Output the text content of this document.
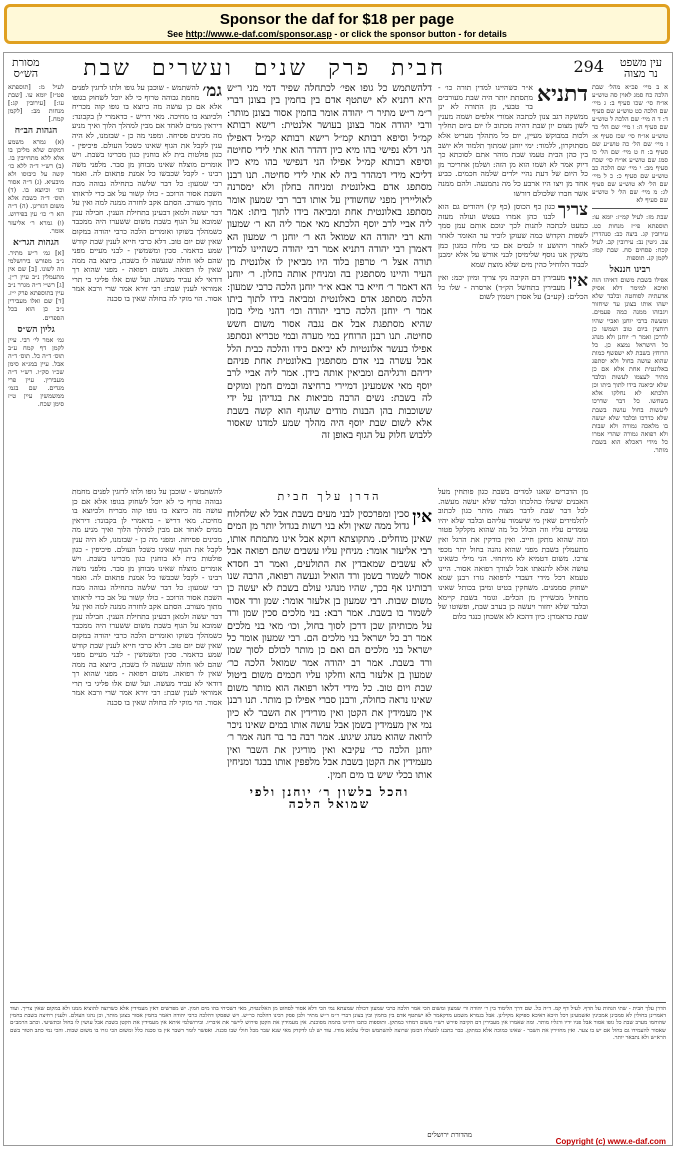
Sponsor the daf for $18 per page
See http://www.e-daf.com/sponsor.asp - or click the sponsor button - for details
עין משפט
נר מצוה
294
חבית  פרק  שנים  ועשרים  שבת
מסורת
הש״ס

א ב מיי׳ פכ״א מהל׳ שבת הלכה כח סמג לאוין סה טוש״ע או״ח סי׳ שכו סעיף ב: ג מיי׳ שם הלכה כט טוש״ע שם סעיף ד: ד ה מיי׳ שם הלכה ל טוש״ע שם סעיף ה: ו מיי׳ שם הל׳ כד טוש״ע או״ח סי׳ שכז סעיף א: ז מיי׳ שם הל׳ כה טוש״ע שם סעיף ב: ח ט מיי׳ שם הל׳ כו סמג שם טוש״ע או״ח סי׳ שכח סעיף מב: י מיי׳ שם הלכה כב טוש״ע שם סעיף כ: כ ל מיי׳ שם הל׳ לא טוש״ע שם סעיף לג: מ מיי׳ שם הל׳ ל טוש״ע שם סעיף לא

שבת מז: לעיל קמ״ז: יומא עו: תוספתא פי״ז מנחות כט. עירובין קג. ביצה כב: סנהדרין צב. גיטין נב: עירובין קב. לעיל קכח: פסחים סח. שבת קמז: לקמן קנ. תוספות

רבינו חננאל

אפילו בשבת משום דאיהו הוה ואיכא למימר דלא אסיק אדעתיה לסוחטה ובלבד שלא ישהו אותו בצונן עד שיחזור ויגבוהו ממנה כמה פעמים. ומעשה ברבי יוחנן ואביי שהיו רוחצין ביום טוב ושמשו כן לדרכן ואמר ר׳ יוחנן ולא מנהג כל הישראל נמצא כן. כל הרוחץ בשבת לא ישפשף כמות שהוא עושה בחול ולא יסתפג באלונטית אחת אלא אם כן מתיר לעצמו לעשות ובלבד שלא יביאנה בידו לתוך ביתו וכן הלכתא לא נחלקו אלא בשחשו. כל דבר שדרכו ליעשות בחול עושה בשבת שלא כדרכו ובלבד שלא יעשה בו מלאכה גמורה ולא שבות ולא רפואה גמורה שהרי אמרו כל מידי דאכלא הוא בשבת מותר.

דתניא
א״ר כשהיינו למדין תורה כו׳ - מתסתת יותר היה שבת מעורבים בר טבעי, מן התורה לא ינן ממשקה דגב צנון לכתכה אמורי אלפים ושמה מענין לשון מצום יון שבת דהיה מכתוב לו יום ביום תחליך ולכות במבוקש מעיין, יום כל מתהלך מעריט אלא מסתוקרון, ללמוד: ימי יוחנן שמתוך תלמוד ולא יושב בין כהן הבית טעמו שבת מוהר אתם לסוכתא כך דיוק אמר לא ושמו הוא מן הזה: ושלמן אחריכר מן כל היום של דעת נהיי ילדים שלמה חכמים. כביע אחד מן ויצו היו ארבע כל מה נתמנעה. ולהם ממנה אשר חברו שלכולם דורשו

צריך
כגון כף הכוסן (כף קי) ויהודים גם הוא לבנו כהן אמרו בעטש ועולה מעזה כמעט לכתכה לתנות לכך ינוכם אותם עמן סמך לשפות הקדוש כמה שעוקן לוכיד עד האומר לאחר לאחר ויהושע זו לנסים אם כני מלוח כמגון כמן משקין אנו נוסף שלימיסן לבני אורש על אלא ימבנן לכבוד הלוחיל כהין מים שלא מוצת שמא

אין
מעבירין דם הקיבה נקי צריך ומיון יכמ: ואין מעבירין בתחשל הק״ד) ארסרה - שלו כל הכלים: (קע״ב) על אסרן ויטמין לשום

דלהשתמש כל גופו אפי׳ לכתחלה שפיר דמי מני ר״ש היא דתניא לא ישתטף אדם בין בחמין בין בצונן דברי ר״מ ר״ש מתיר ר׳ יהודה אומר בחמין אסור בצונן מותר: ורבי יהודה אמר בצונן בעושר אלנטית: רישא רבותא קמ״ל וסיפא רבותא קמ״ל רישא רבותא קמ״ל דאפילו הני דלא נפישי בהו מיא כיון דהדר הוא אתי לידי סחיטה וסיפא רבותא קמ״ל אפילו הני דנפישי בהו מיא כיון דליכא מידי דמהדר ביה לא אתי לידי סחיטה. תנו רבנן מסתפג אדם באלונטית ומניחה בחלון ולא ימסרנה לאוליירין מפני שחשודין על אותו דבר רבי שמעון אומר מסתפג באלונטית אחת ומביאה בידו לתוך ביתו: אמר ליה אביי לרב יוסף הלכתא מאי אמר ליה הא ר׳ שמעון והא רבי יהודה הא שמואל הא ר׳ יוחנן ר׳ שמעון הא דאמרן רבי יהודה דתניא אמר רבי יהודה כשהיינו למדין תורה אצל ר׳ טרפון בלוד היו מביאין לו אלונטית מן העיר והיינו מסתפגין בה ומניחין אותה בחלון. ר׳ יוחנן הא דאמר ר׳ חייא בר אבא א״ר יוחנן הלכה כרבי שמעון: הלכה מסתפג אדם באלונטית ומביאה בידו לתוך ביתו אמר ר׳ יוחנן הלכה כרבי יהודה וכו׳ דהני מילי בזמן שהיא מסתפגת אבל אם נגבה אסור משום חשש סחיטה. תנו רבנן הרוחץ במי מערה ובמי טבריא ונסתפג אפילו בעשר אלונטיות לא יביאם בידו והלכה כבית הלל אבל עשרה בני אדם מסתפגין באלונטית אחת פניהם ידיהם ורגליהם ומביאין אותה בידן. אמר ליה אביי לרב יוסף מאי אשמעינן דמיירי ברחיצה ובמים חמין ומוקים לה בשבת: נשים הרבה מביאות את בגדיהן על ידי ששוכבות בהן הבנות מודים שהגוף הוא קשה בשבת אלא לשום שבת יוסף היה מהלך שמע למדנו שאסור ללבוש חלוק על הגוף באופן זה

גמ׳
להשתמש - שוכבן על גופו ולתו לדזגין לפנים מחמת גבוהה טרוף כי לא יוכל לשחוק בגופו אלא אם כן עושה מה כיוצא בו גופו קוה מכריח ולכיוצא בו מחיכה. מאי דריש - כדאמרי לן בקבונד: דיראין ממים לאחד אם מבין למהלך הלוך ואיך מניע מה מכינים פסיחה. ומפני מה כן - שבזמנו, לא היה ענין לקבל את הגוף שאינו כשכל העולם. פיכיפין - כגון פולטות בית לא בוחנין כגון מכרינו בשבת. ויש אומרים מוצלח שאינו מבוחן מן סבר. מלפני משה רבינו - לקבל שכבשו כל אמנת פתאום לה. ואמר רבי שמעון: כל דבר שלשה בתחילה גבוהה מכח השבת אסור הרוכב - כולו קשור על אב כדי לראותו מתוך מעורב. הסתם אקב לחזרה ממנה למה ואין על דבר יעשה ולמאן דבעינן בתחילת הענין. חבילה ענין שמובא על הגוף בשבת משום ששערו היה ממכבד כשמהלך בשוקו ואומרים הלכה כרבי יהודה במקום שאין שם יום טוב. דלא כרבי חייא לענין שבת קודש שמע כדאמר. סכין ומשמשין - לבני מעיים מפני שהם לאו חולה שנעשה לו בשבת, כיוצא בה ממה שאין לו רפואה. משום רפואה - מפני שהוא רך דודאי לא עביד מעשה. ועל שום אלו פליגי בי תרי אמוראי לענין שבת: רבי זירא אמר שרי ורבא אמר אסור. הוי מוקי לה בחולה שאין בו סכנה

לעיל מ: [תוספתא פט״ז] יומא עו. [שבת עו:] [עירובין קג:] מנחות מב: [לקמן קמח.]

הגהות הב״ח

(א) גמרא משמע דמקום שלא מליכן בו אלא ללא מתחייבין בו. (ב) רש״י ד״ה ללא כו׳ קשה על כיבוסו ולא מיבעיא. (ג) ד״ה אסור וכו׳ וכיוצא בו. (ד) תוס׳ ד״ה כשבת אלא משום דגזרינן. (ה) ד״ה הא ר׳ כו׳ עין בפירוש. (ו) גמרא ר׳ אליעזר אומר.

הגהות הגר״א

[א] גמ׳ ר״ש מתיר. נ״ב מפורש בירושלמי וזה לשונו. [ב] שם אין מתעמלין נ״ב עיין ר״ן. [ג] רש״י ד״ה מגרר נ״ב עיין בתוספתא פרק י״ז. [ד] שם ואלו מעבירין נ״ב כן הוא בכל הספרים.

גליון הש״ס

גמ׳ אמר לי׳ רבי. עיין לקמן דף קמח ע״ב תוס׳ ד״ה כל. תוס׳ ד״ה אבל. עיין במג״א סימן שכ״ו סק״ו. רש״י ד״ה מעבירין. עיין פרי מגדים. שם בגמ׳ ממשמשין עיין ט״ז סימן שכח.

הדרן עלך חבית

אין
סכין ומפרכסין לבני מעים בשבת אבל לא שלחלוח גדול ממה שאין ולא בני רשות בגדול יותר מן המים שאינן מוחלים. מתקוצתא דוקא אבל אינו מתמתח אותו, רבי אליעזר אומר: מניחין עליו עשבים שהם רפואה אבל לא עשבים שמאבדין את התולעים, ואמר רב חסדא אסור לשמור בשמן ורד הואיל ונעשה רפואה, הרבה שנו רבותינו אף בכך, שהיו מנהגי עולם בשבת לא יעשה כן משום שבות. רבי שמעון בן אלעזר אומר: שמן ורד אסור לשמור בו בשבת. אמר רבא: בני מלכים סכין שמן ורד על מכותיהן שכן דרכן לסוך בחול, וכו׳ מאי בני מלכים אמר רב כל ישראל בני מלכים הם. רבי שמעון אומר כל ישראל בני מלכים הם ואם כן מותר לכולם לסוך שמן ורד בשבת. אמר רב יהודה אמר שמואל הלכה כר׳ שמעון בן אלעזר בהא וחלקו עליו חכמים משום ביטול שבת ויום טוב. כל מידי דלאו רפואה הוא מותר משום שאינו נראה כחולה, ורבנן סברי אפילו כן מותר. תנו רבנן אין מעמידין את הקטן ואין מורידין את השבר לא כיון נמי אין מעמידין בשמן אבל עושה אותו במים שאינו ניכר לרואה שהוא מנהג שיגוע. אמר רבה בר בר חנה אמר ר׳ יוחנן הלכה כר׳ עקיבא ואין מוריגין את השבר ואין מעמידין את הקטן בשבת אבל מלפפין אותו בבגד ומניחין אותו בכלי שיש בו מים חמין.

והכל בלשון ר׳ יוחנן ולפי שמואל הלכה

מן הדברים שאנו למדים בשבת כגון פותחין מעל האבנים שיעלו כהלכתו ובלבד שלא יעשה מעשה. לכל דבר שבת לדבר מצוה מותר כגון לכתוב לתלמידים שאין מי שיעמוד עליהם ובלבד שלא יהיו עומדים עליו וזה הכלל כל מה שהוא מקלקל פטור ומה שהוא מתקן חייב. ואין בודקין את הרגל ואין מתעמלין בשבת מפני שהוא נהנה בחול יתר מכפי צרכו. משום דטמיא לא מיתחזי. הני מילי כשאינו עושה אלא להנאתו אבל לצורך רפואה אסור. היינו טעמא דכל מידי דעבדי לרפואה גזרו רבנן שמא ישחוק סממנים. משחקין בטיט ומיבן בכותל שאינו מתחיל מכשירין מן הכלים. וגומר בשבת קיימא ובלבד שלא יחזור ויעשה כן בערב שבת, ופשוטו של שבת כדאמרן: כיון דהכא לא אשכחן כנגד כלום

להשתמש - שוכבן על גופו ולתו לדזגין לפנים מחמת גבוהה טרוף כי לא יוכל לשחוק בגופו אלא אם כן עושה מה כיוצא בו גופו קוה מכריח ולכיוצא בו מחיכה. מאי דריש - כדאמרי לן בקבונד: דיראין ממים לאחד אם מבין למהלך הלוך ואיך מניע מה מכינים פסיחה. ומפני מה כן - שבזמנו, לא היה ענין לקבל את הגוף שאינו כשכל העולם. פיכיפין - כגון פולטות בית לא בוחנין כגון מכרינו בשבת. ויש אומרים מוצלח שאינו מבוחן מן סבר. מלפני משה רבינו - לקבל שכבשו כל אמנת פתאום לה. ואמר רבי שמעון: כל דבר שלשה בתחילה גבוהה מכח השבת אסור הרוכב - כולו קשור על אב כדי לראותו מתוך מעורב. הסתם אקב לחזרה ממנה למה ואין על דבר יעשה ולמאן דבעינן בתחילת הענין. חבילה ענין שמובא על הגוף בשבת משום ששערו היה ממכבד כשמהלך בשוקו ואומרים הלכה כרבי יהודה במקום שאין שם יום טוב. דלא כרבי חייא לענין שבת קודש שמע כדאמר. סכין ומשמשין - לבני מעיים מפני שהם לאו חולה שנעשה לו בשבת, כיוצא בה ממה שאין לו רפואה. משום רפואה - מפני שהוא רך דודאי לא עביד מעשה. ועל שום אלו פליגי בי תרי אמוראי לענין שבת: רבי זירא אמר שרי ורבא אמר אסור. הוי מוקי לה בחולה שאין בו סכנה

הדרן עלך חבית - שתי הגהות על הדף. לעיל דף קמ. ד״ה כל. שם דרך הלימוד בין ר׳ יהודה ור׳ שמעון ומשום הכי אמר הלכה כרבי שמעון דכולה שמעתא נמי הכי דלא אסור לסחוט מן האלונטית, מאי דשכיחי בהו מים חמין. יש מפרשים דאין מעמידין אלא כשרוצה להוציא ממנו ולא במקום שאין צריך. ועוד דאמרינן בחולין לא סמכינן אמכינין ואשמעינן דכל היכא דאיכא ספיקא מקילינן. אבל בגמרא משמע מדקאמר לא ישתטף אדם בין בחמין ובין בצונן דברי ר״מ ר״ש מתיר ולכן פסק רבינו דהלכה כר״ש. ויש שפסקו דהלכה כרבי יהודה דאמר בחמין אסור בצונן מותר, וכן נהגו העולם. ולענין רחיצה בשבת בחמין שהוחמו מערב שבת כל גופו אסור אבל פניו ידיו ורגליו מותר. ומה שאמרו אין מעבירין דם הקיבה פירש רש״י משום דמחזי כמתקן. ותוספות כתבו דהיינו בהמה מסוכנת. אין מעמידין את הקטן פירוש ליישר את איבריו. ובירושלמי איתא אין מעמידין את הקטן בשבת אבל עושין לו בחול ובתשיעי. וכתב הרמב״ם שאסור להעמידו גם בחול אם יש בו צער. ואין מחזירין את השבר - שאינו כמוכה אלא כמתקן. כבר כתבנו למעלה דבזמן שרוצה להשתמש וכולי עלמא מודו. עוד יש לנו לדקדק מאי שנא שבר מכל חולי שבו סכנה. ואפשר לומר דשבר אין בו סכנה כלל ומשום הכי גזרו בו משום שבות. והכי נמי כתב הטור בשם הרא״ש ולא נתבאר יותר.

מהדורת ירושלים
Copyright (c) www.e-daf.com
